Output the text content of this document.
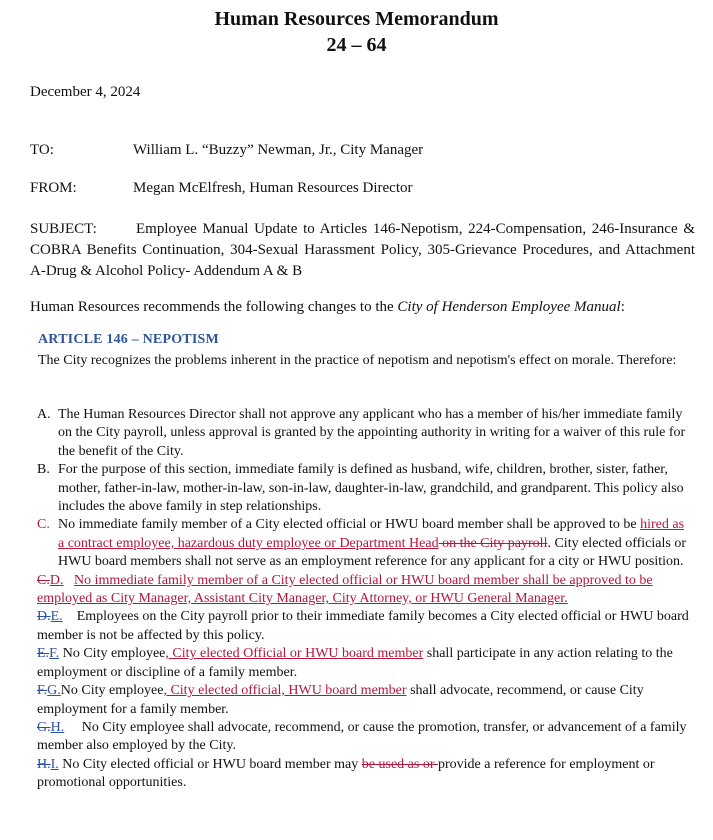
Human Resources Memorandum
24 – 64
December 4, 2024
TO:	William L. “Buzzy” Newman, Jr., City Manager
FROM:	Megan McElfresh, Human Resources Director
SUBJECT:	Employee Manual Update to Articles 146-Nepotism, 224-Compensation, 246-Insurance & COBRA Benefits Continuation, 304-Sexual Harassment Policy, 305-Grievance Procedures, and Attachment A-Drug & Alcohol Policy- Addendum A & B
Human Resources recommends the following changes to the City of Henderson Employee Manual:
ARTICLE 146 – NEPOTISM
The City recognizes the problems inherent in the practice of nepotism and nepotism's effect on morale. Therefore:
A. The Human Resources Director shall not approve any applicant who has a member of his/her immediate family on the City payroll, unless approval is granted by the appointing authority in writing for a waiver of this rule for the benefit of the City.
B. For the purpose of this section, immediate family is defined as husband, wife, children, brother, sister, father, mother, father-in-law, mother-in-law, son-in-law, daughter-in-law, grandchild, and grandparent. This policy also includes the above family in step relationships.
C. No immediate family member of a City elected official or HWU board member shall be approved to be hired as a contract employee, hazardous duty employee or Department Head on the City payroll. City elected officials or HWU board members shall not serve as an employment reference for any applicant for a city or HWU position.
C.D. No immediate family member of a City elected official or HWU board member shall be approved to be employed as City Manager, Assistant City Manager, City Attorney, or HWU General Manager.
D.E. Employees on the City payroll prior to their immediate family becomes a City elected official or HWU board member is not be affected by this policy.
E.F. No City employee, City elected Official or HWU board member shall participate in any action relating to the employment or discipline of a family member.
F.G.No City employee, City elected official, HWU board member shall advocate, recommend, or cause City employment for a family member.
G.H. No City employee shall advocate, recommend, or cause the promotion, transfer, or advancement of a family member also employed by the City.
H.I. No City elected official or HWU board member may be used as or provide a reference for employment or promotional opportunities.
